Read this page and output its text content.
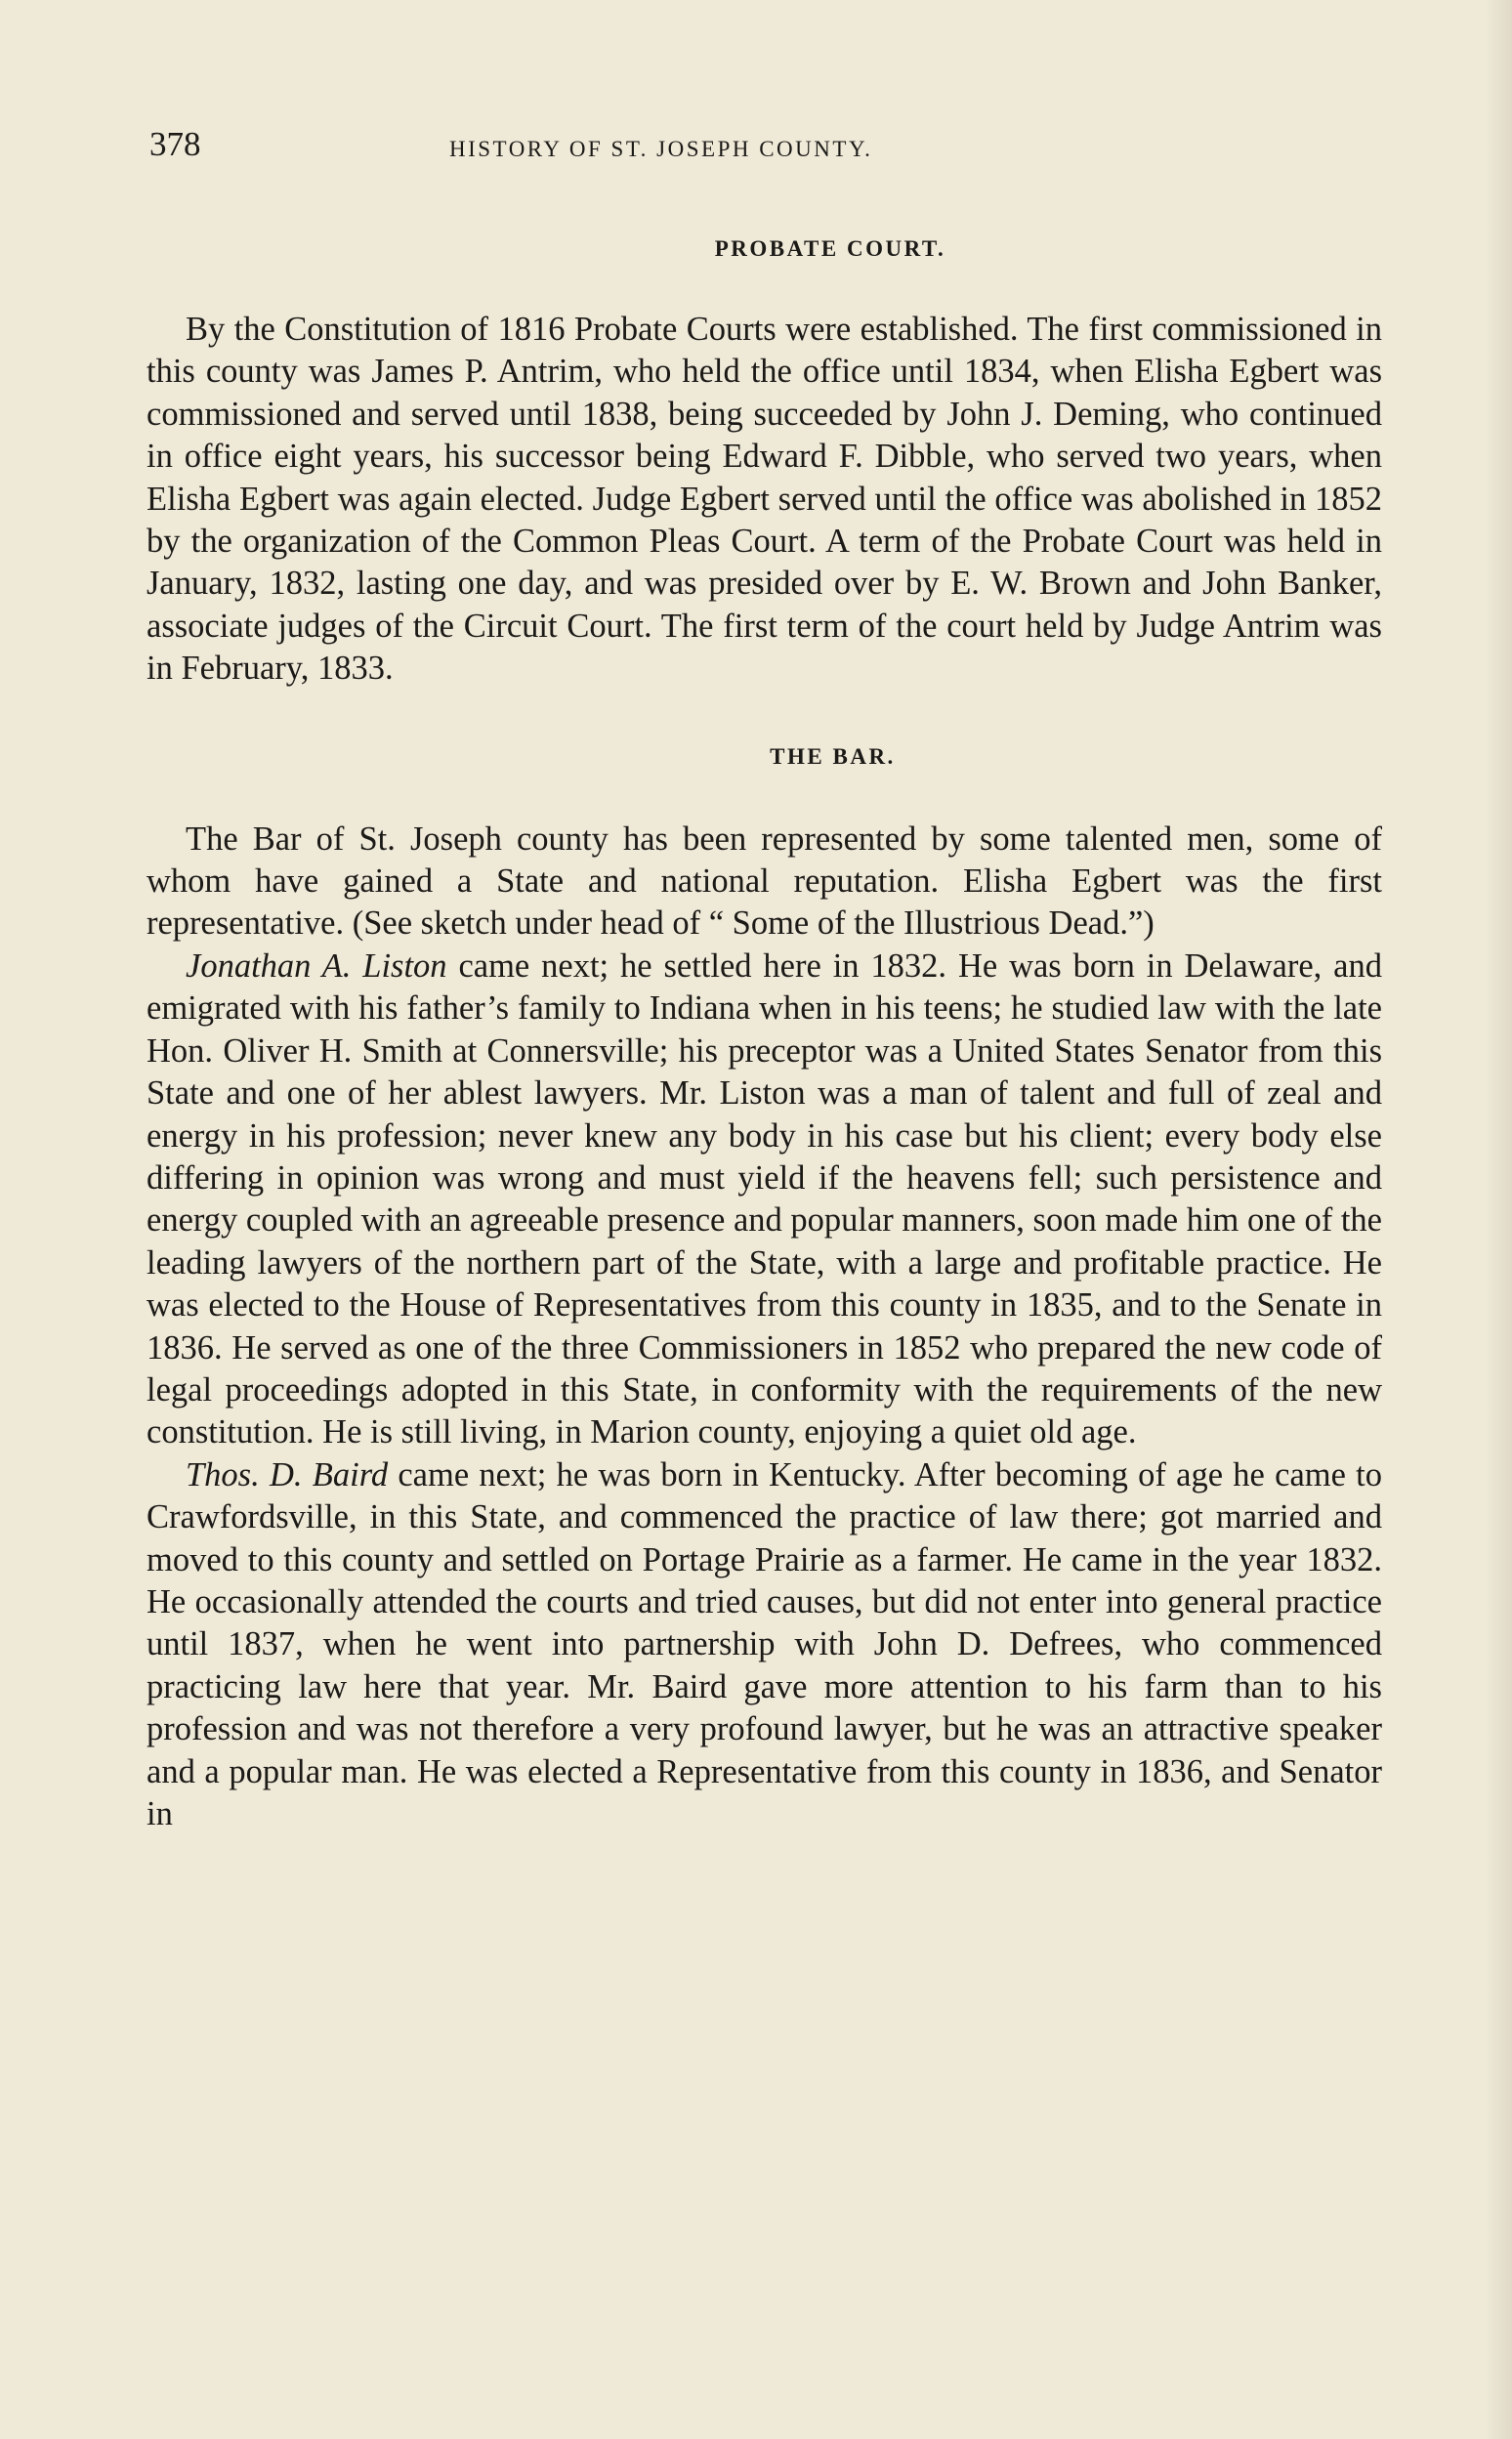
378	HISTORY OF ST. JOSEPH COUNTY.
PROBATE COURT.

By the Constitution of 1816 Probate Courts were established. The first commissioned in this county was James P. Antrim, who held the office until 1834, when Elisha Egbert was commissioned and served until 1838, being succeeded by John J. Deming, who continued in office eight years, his successor being Edward F. Dibble, who served two years, when Elisha Egbert was again elected. Judge Egbert served until the office was abolished in 1852 by the organization of the Common Pleas Court. A term of the Probate Court was held in January, 1832, lasting one day, and was presided over by E. W. Brown and John Banker, associate judges of the Circuit Court. The first term of the court held by Judge Antrim was in February, 1833.

THE BAR.

The Bar of St. Joseph county has been represented by some talented men, some of whom have gained a State and national reputation. Elisha Egbert was the first representative. (See sketch under head of “ Some of the Illustrious Dead.”)

Jonathan A. Liston came next; he settled here in 1832. He was born in Delaware, and emigrated with his father’s family to Indiana when in his teens; he studied law with the late Hon. Oliver H. Smith at Connersville; his preceptor was a United States Senator from this State and one of her ablest lawyers. Mr. Liston was a man of talent and full of zeal and energy in his profession; never knew any body in his case but his client; every body else differing in opinion was wrong and must yield if the heavens fell; such persistence and energy coupled with an agreeable presence and popular manners, soon made him one of the leading lawyers of the northern part of the State, with a large and profitable practice. He was elected to the House of Representatives from this county in 1835, and to the Senate in 1836. He served as one of the three Commissioners in 1852 who prepared the new code of legal proceedings adopted in this State, in conformity with the requirements of the new constitution. He is still living, in Marion county, enjoying a quiet old age.

Thos. D. Baird came next; he was born in Kentucky. After becoming of age he came to Crawfordsville, in this State, and commenced the practice of law there; got married and moved to this county and settled on Portage Prairie as a farmer. He came in the year 1832. He occasionally attended the courts and tried causes, but did not enter into general practice until 1837, when he went into partnership with John D. Defrees, who commenced practicing law here that year. Mr. Baird gave more attention to his farm than to his profession and was not therefore a very profound lawyer, but he was an attractive speaker and a popular man. He was elected a Representative from this county in 1836, and Senator in
